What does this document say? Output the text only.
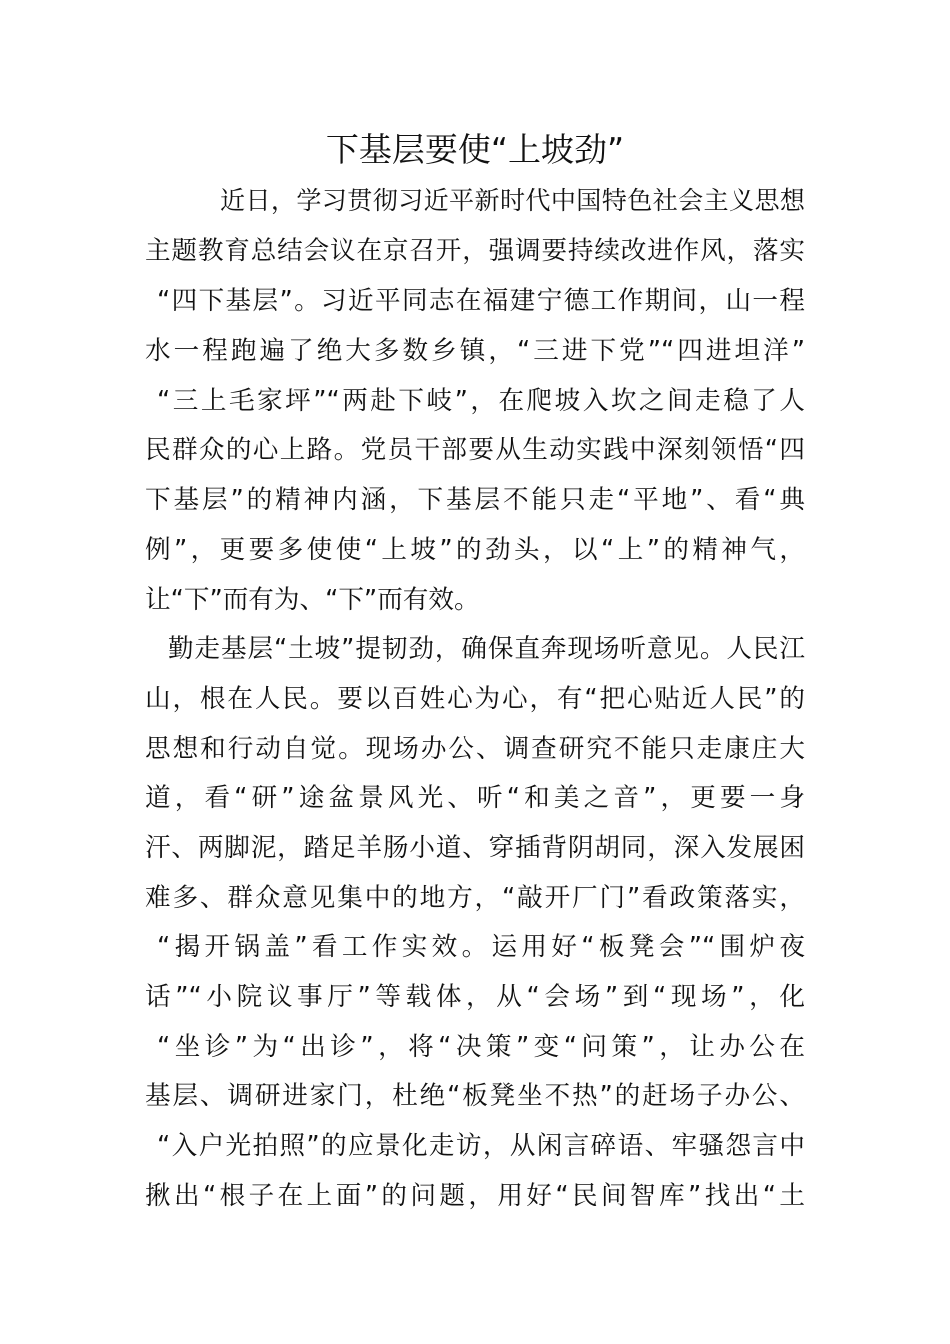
下基层要使“上坡劲”

近日，学习贯彻习近平新时代中国特色社会主义思想

主题教育总结会议在京召开，强调要持续改进作风，落实

“四下基层”。习近平同志在福建宁德工作期间，山一程

水一程跑遍了绝大多数乡镇，“三进下党”“四进坦洋”

“三上毛家坪”“两赴下岐”，在爬坡入坎之间走稳了人

民群众的心上路。党员干部要从生动实践中深刻领悟“四

下基层”的精神内涵，下基层不能只走“平地”、看“典

例”，更要多使使“上坡”的劲头，以“上”的精神气，

让“下”而有为、“下”而有效。

勤走基层“土坡”提韧劲，确保直奔现场听意见。人民江

山，根在人民。要以百姓心为心，有“把心贴近人民”的

思想和行动自觉。现场办公、调查研究不能只走康庄大

道，看“研”途盆景风光、听“和美之音”，更要一身

汗、两脚泥，踏足羊肠小道、穿插背阴胡同，深入发展困

难多、群众意见集中的地方，“敲开厂门”看政策落实，

“揭开锅盖”看工作实效。运用好“板凳会”“围炉夜

话”“小院议事厅”等载体，从“会场”到“现场”，化

“坐诊”为“出诊”，将“决策”变“问策”，让办公在

基层、调研进家门，杜绝“板凳坐不热”的赶场子办公、

“入户光拍照”的应景化走访，从闲言碎语、牢骚怨言中

揪出“根子在上面”的问题，用好“民间智库”找出“土
